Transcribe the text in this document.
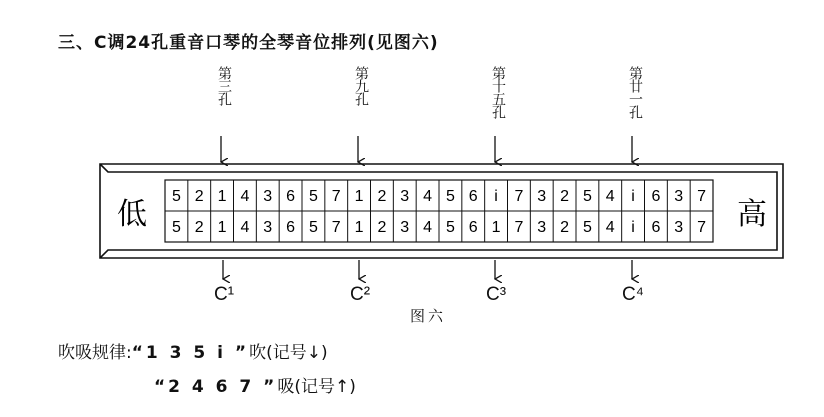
三、C调24孔重音口琴的全琴音位排列(见图六)
第三孔	第九孔	第十五孔	第廿一孔
5 2 1 4 3 6 5 7 1 2 3 4 5 6 i 7 3 2 5 4 i 6 3 7
5 2 1 4 3 6 5 7 1 2 3 4 5 6 1 7 3 2 5 4 i 6 3 7
低	高
C¹	C²	C³	C⁴
图六
吹吸规律:“1 3 5 i ”吹(记号↓)
“2 4 6 7 ”吸(记号↑)
